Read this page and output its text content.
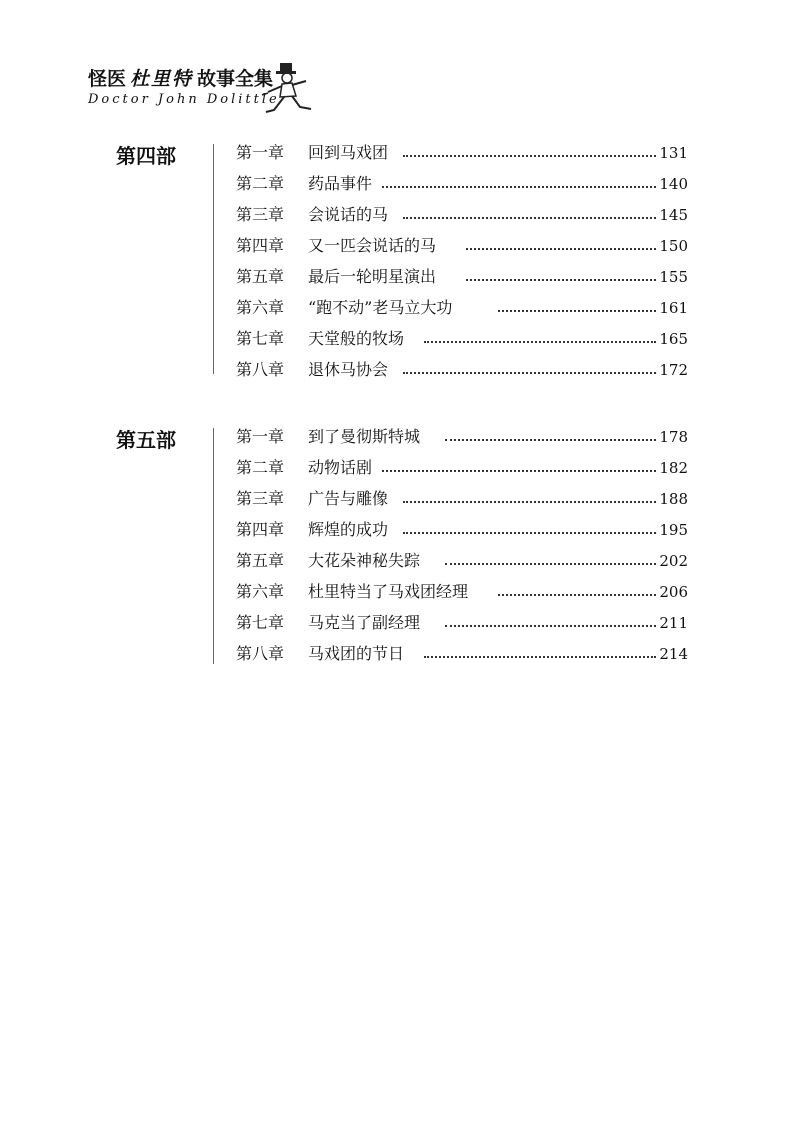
怪医 杜里特 故事全集
Doctor John Dolittle
第四部	第一章 回到马戏团	131
第二章 药品事件	140
第三章 会说话的马	145
第四章 又一匹会说话的马	150
第五章 最后一轮明星演出	155
第六章 “跑不动”老马立大功	161
第七章 天堂般的牧场	165
第八章 退休马协会	172
第五部	第一章 到了曼彻斯特城	178
第二章 动物话剧	182
第三章 广告与雕像	188
第四章 辉煌的成功	195
第五章 大花朵神秘失踪	202
第六章 杜里特当了马戏团经理	206
第七章 马克当了副经理	211
第八章 马戏团的节日	214
